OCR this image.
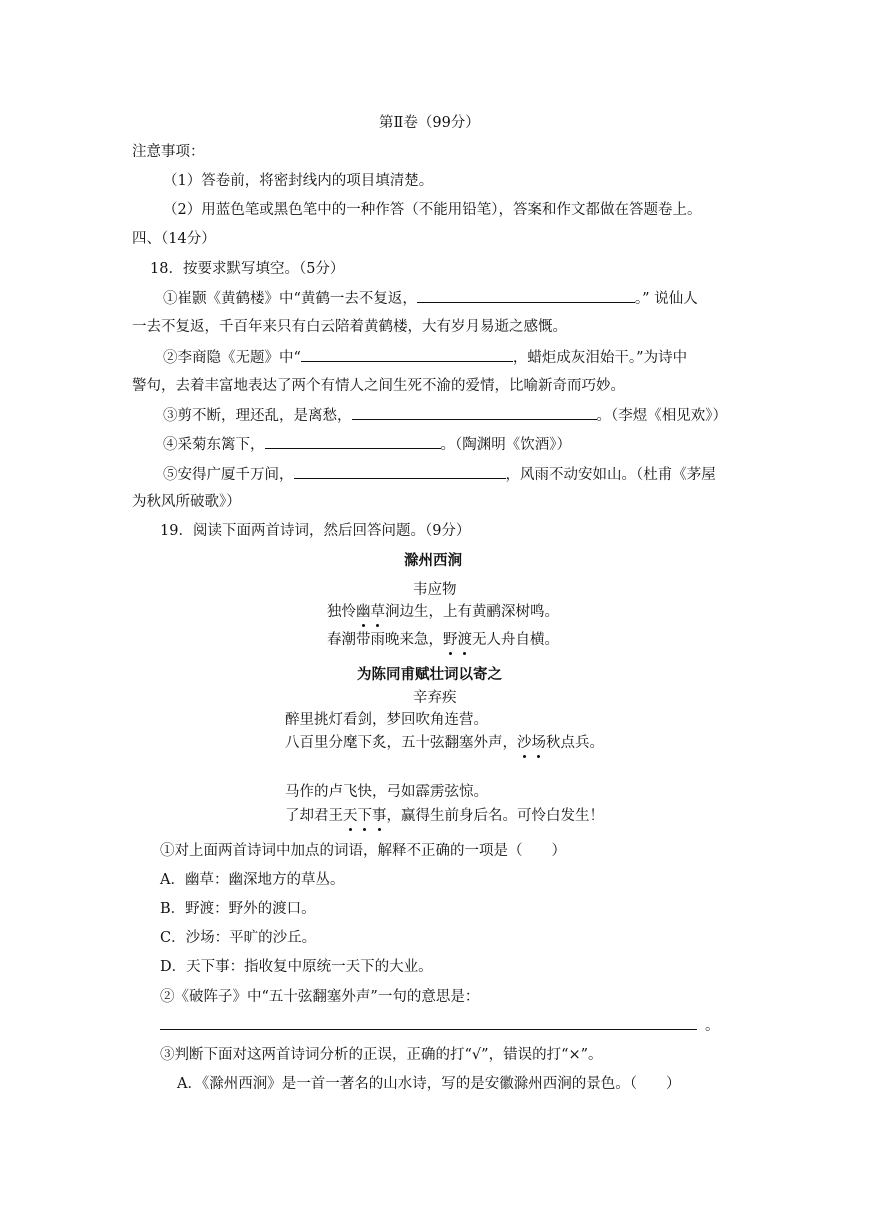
第Ⅱ卷（99分）
注意事项：
（1）答卷前，将密封线内的项目填清楚。
（2）用蓝色笔或黑色笔中的一种作答（不能用铅笔），答案和作文都做在答题卷上。
四、（14分）
18．按要求默写填空。（5分）
①崔颢《黄鹤楼》中“黄鹤一去不复返，	。” 说仙人
一去不复返，千百年来只有白云陪着黄鹤楼，大有岁月易逝之感慨。
②李商隐《无题》中“	，蜡炬成灰泪始干。”为诗中
警句，去着丰富地表达了两个有情人之间生死不渝的爱情，比喻新奇而巧妙。
③剪不断，理还乱，是离愁，	。（李煜《相见欢》）
④采菊东篱下，	。（陶渊明《饮酒》）
⑤安得广厦千万间，	，风雨不动安如山。（杜甫《茅屋
为秋风所破歌》）
19．阅读下面两首诗词，然后回答问题。（9分）
滁州西涧
韦应物
独怜幽草涧边生，上有黄鹂深树鸣。
春潮带雨晚来急，野渡无人舟自横。
为陈同甫赋壮词以寄之
辛弃疾
醉里挑灯看剑，梦回吹角连营。
八百里分麾下炙，五十弦翻塞外声，沙场秋点兵。
马作的卢飞快，弓如霹雳弦惊。
了却君王天下事，赢得生前身后名。可怜白发生！
①对上面两首诗词中加点的词语，解释不正确的一项是（　　）
A．幽草：幽深地方的草丛。
B．野渡：野外的渡口。
C．沙场：平旷的沙丘。
D．天下事：指收复中原统一天下的大业。
②《破阵子》中“五十弦翻塞外声”一句的意思是：
。
③判断下面对这两首诗词分析的正误，正确的打“√”，错误的打“×”。
A．《滁州西涧》是一首一著名的山水诗，写的是安徽滁州西涧的景色。（　　）
